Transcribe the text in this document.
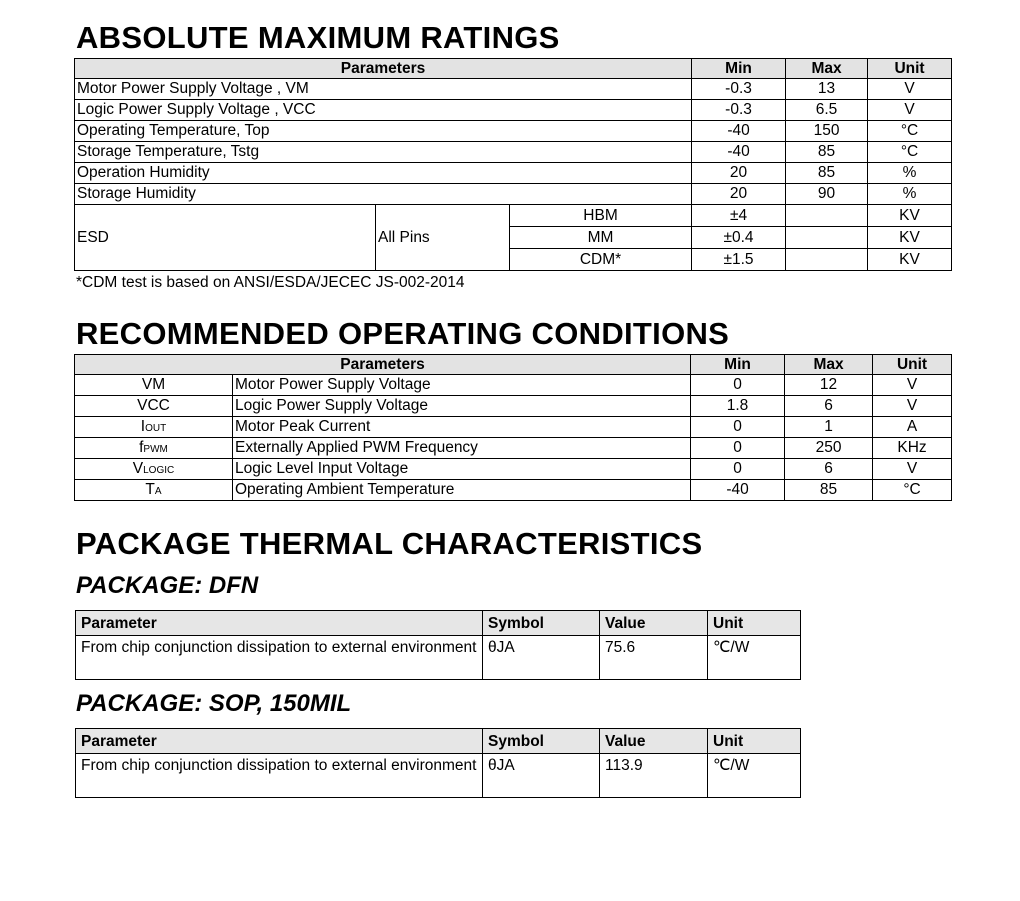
ABSOLUTE MAXIMUM RATINGS
Parameters			Min	Max	Unit
Motor Power Supply Voltage , VM			-0.3	13	V
Logic Power Supply Voltage , VCC			-0.3	6.5	V
Operating Temperature, Top			-40	150	°C
Storage Temperature, Tstg			-40	85	°C
Operation Humidity			20	85	%
Storage Humidity			20	90	%
ESD	All Pins	HBM	±4		KV
		MM	±0.4		KV
		CDM*	±1.5		KV
*CDM test is based on ANSI/ESDA/JECEC JS-002-2014
RECOMMENDED OPERATING CONDITIONS
Parameters		Min	Max	Unit
VM	Motor Power Supply Voltage	0	12	V
VCC	Logic Power Supply Voltage	1.8	6	V
IOUT	Motor Peak Current	0	1	A
fPWM	Externally Applied PWM Frequency	0	250	KHz
VLOGIC	Logic Level Input Voltage	0	6	V
TA	Operating Ambient Temperature	-40	85	°C
PACKAGE THERMAL CHARACTERISTICS
PACKAGE: DFN
Parameter	Symbol	Value	Unit
From chip conjunction dissipation to external environment	θJA	75.6	℃/W
PACKAGE: SOP, 150MIL
Parameter	Symbol	Value	Unit
From chip conjunction dissipation to external environment	θJA	113.9	℃/W
